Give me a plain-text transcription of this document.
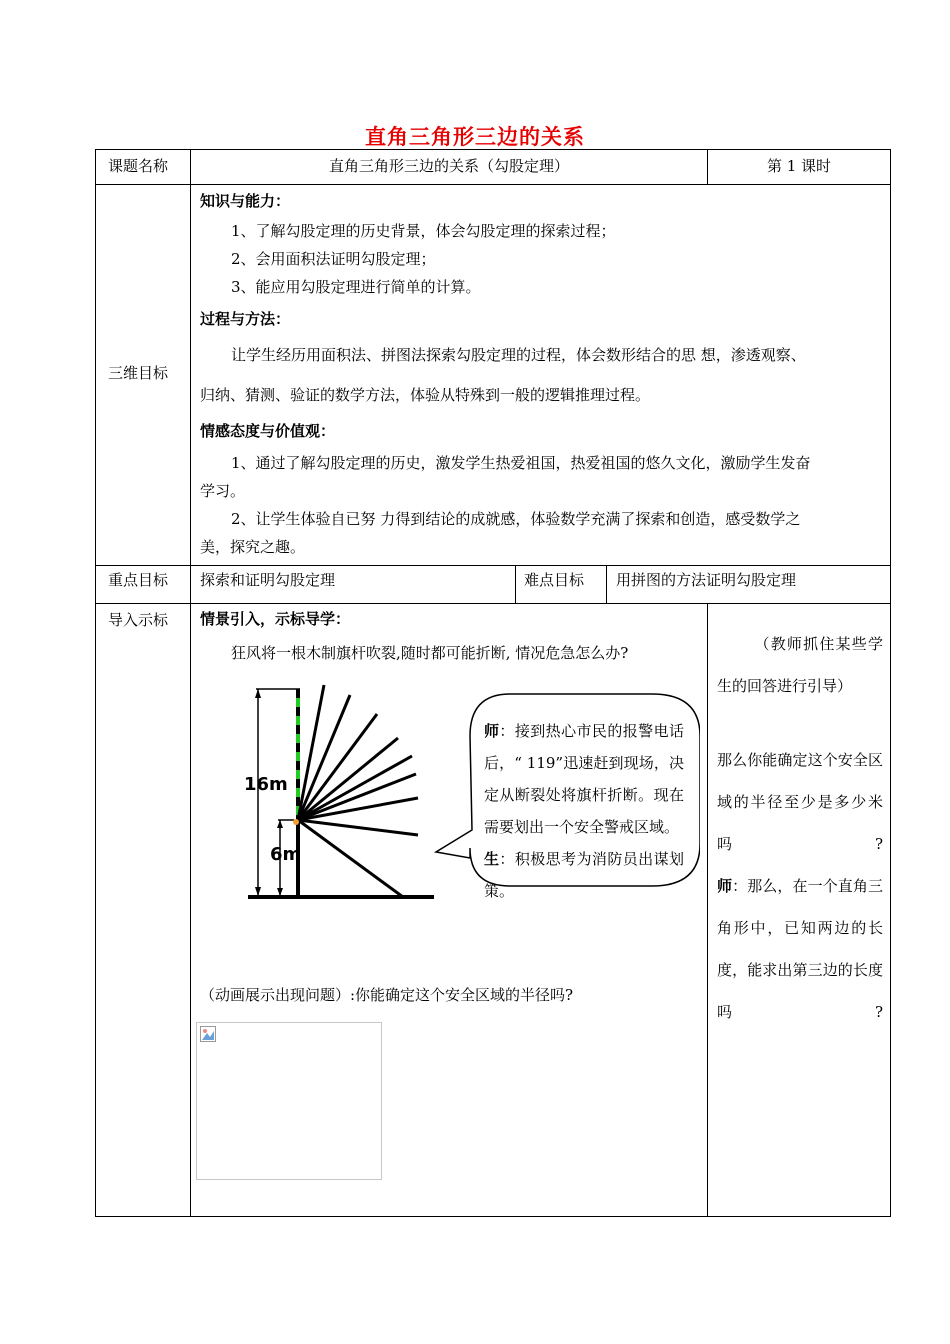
直角三角形三边的关系
课题名称	直角三角形三边的关系（勾股定理）	第 1 课时
三维目标
知识与能力：
1、了解勾股定理的历史背景，体会勾股定理的探索过程；
2、会用面积法证明勾股定理；
3、能应用勾股定理进行简单的计算。
过程与方法：
让学生经历用面积法、拼图法探索勾股定理的过程，体会数形结合的思 想，渗透观察、
归纳、猜测、验证的数学方法，体验从特殊到一般的逻辑推理过程。
情感态度与价值观：
1、通过了解勾股定理的历史，激发学生热爱祖国，热爱祖国的悠久文化，激励学生发奋
学习。
2、让学生体验自已努 力得到结论的成就感，体验数学充满了探索和创造，感受数学之
美，探究之趣。
重点目标 探索和证明勾股定理	难点目标 用拼图的方法证明勾股定理
导入示标 情景引入，示标导学：
狂风将一根木制旗杆吹裂,随时都可能折断, 情况危急怎么办?
16m
6m
师：接到热心市民的报警电话后，“ 119”迅速赶到现场，决定从断裂处将旗杆折断。现在需要划出一个安全警戒区域。
生：积极思考为消防员出谋划策。
（动画展示出现问题）:你能确定这个安全区域的半径吗?
（教师抓住某些学生的回答进行引导）
那么你能确定这个安全区域的半径至少是多少米吗?
师：那么，在一个直角三角形中，已知两边的长度，能求出第三边的长度吗?
